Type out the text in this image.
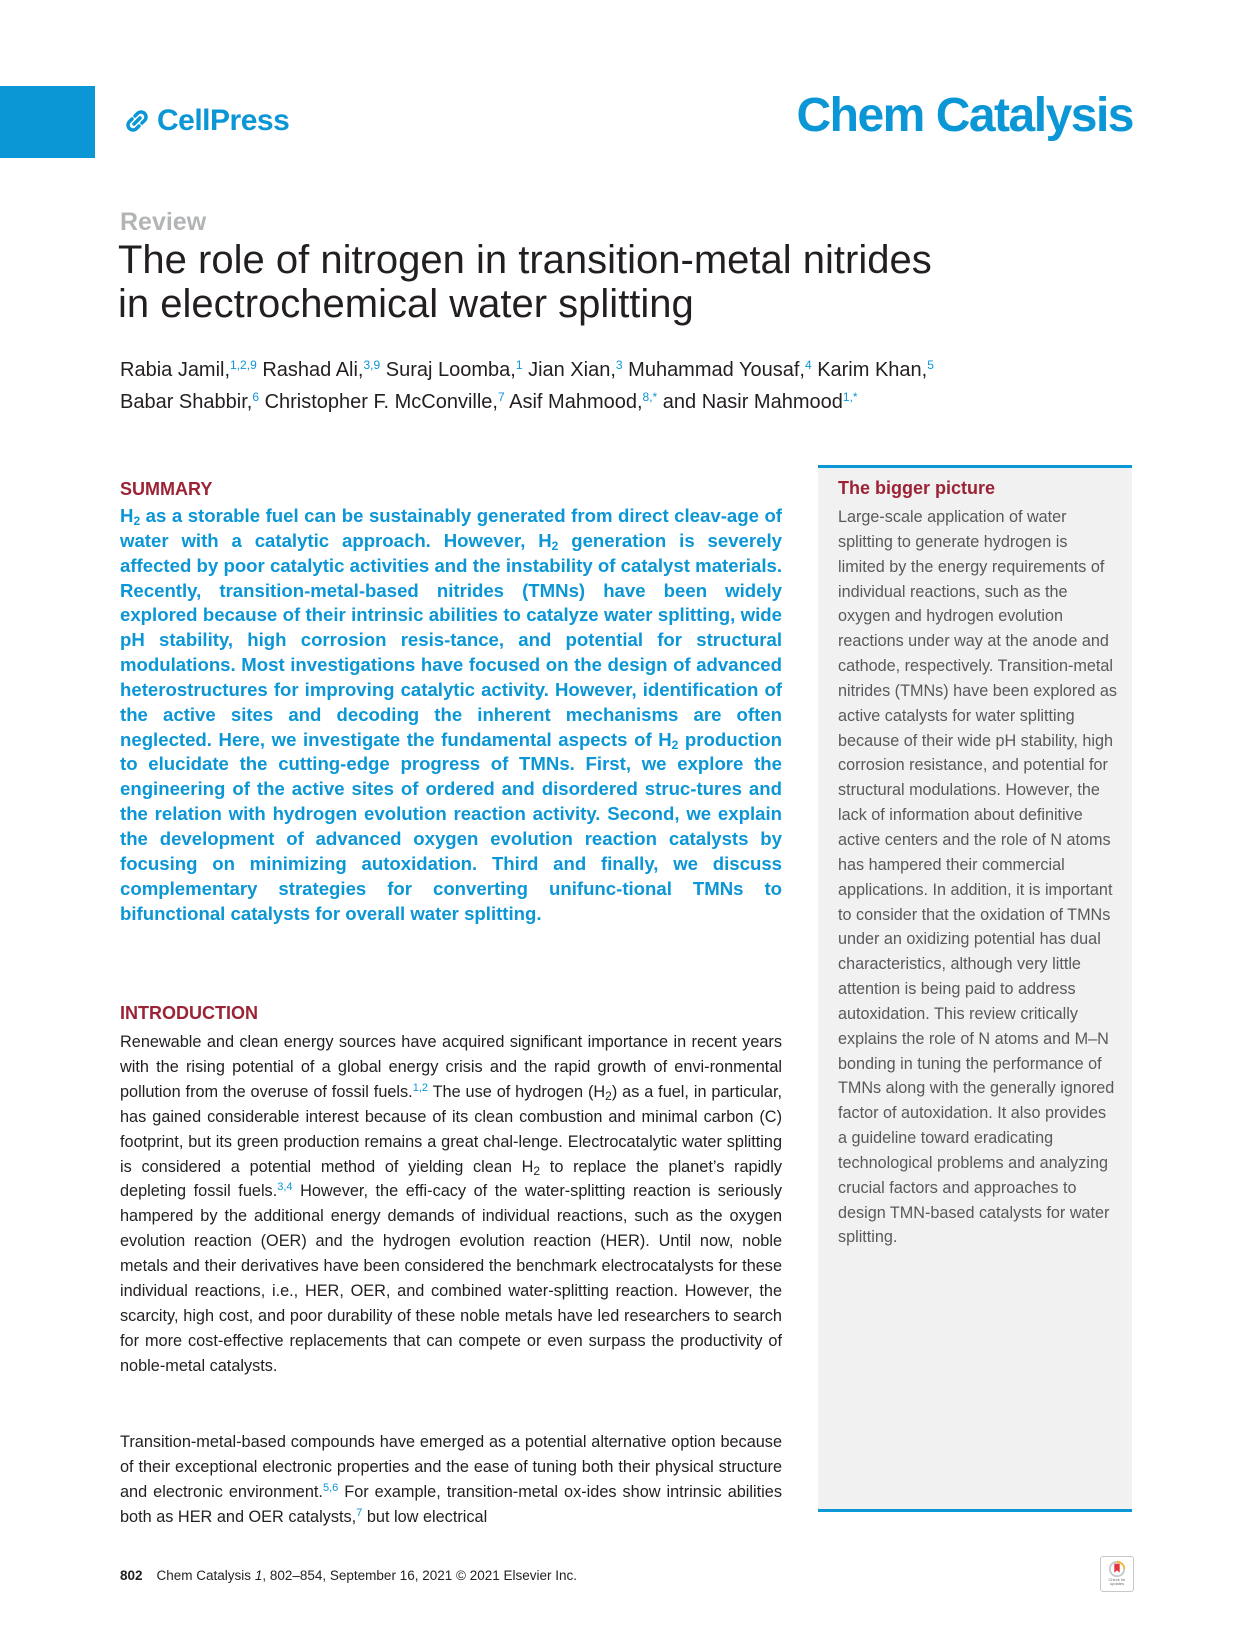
CellPress	Chem Catalysis
Review
The role of nitrogen in transition-metal nitrides
in electrochemical water splitting
Rabia Jamil,$^{1,2,9}$ Rashad Ali,$^{3,9}$ Suraj Loomba,$^1$ Jian Xian,$^3$ Muhammad Yousaf,$^4$ Karim Khan,$^5$
Babar Shabbir,$^6$ Christopher F. McConville,$^7$ Asif Mahmood,$^{8,*}$ and Nasir Mahmood$^{1,*}$
SUMMARY

$H_2$ as a storable fuel can be sustainably generated from direct cleav-age of water with a catalytic approach. However, $H_2$ generation is severely affected by poor catalytic activities and the instability of catalyst materials. Recently, transition-metal-based nitrides (TMNs) have been widely explored because of their intrinsic abilities to catalyze water splitting, wide pH stability, high corrosion resis-tance, and potential for structural modulations. Most investigations have focused on the design of advanced heterostructures for improving catalytic activity. However, identification of the active sites and decoding the inherent mechanisms are often neglected. Here, we investigate the fundamental aspects of $H_2$ production to elucidate the cutting-edge progress of TMNs. First, we explore the engineering of the active sites of ordered and disordered struc-tures and the relation with hydrogen evolution reaction activity. Second, we explain the development of advanced oxygen evolution reaction catalysts by focusing on minimizing autoxidation. Third and finally, we discuss complementary strategies for converting unifunc-tional TMNs to bifunctional catalysts for overall water splitting.

INTRODUCTION

Renewable and clean energy sources have acquired significant importance in recent years with the rising potential of a global energy crisis and the rapid growth of envi-ronmental pollution from the overuse of fossil fuels.$^{1,2}$ The use of hydrogen $(H_2)$ as a fuel, in particular, has gained considerable interest because of its clean combustion and minimal carbon (C) footprint, but its green production remains a great chal-lenge. Electrocatalytic water splitting is considered a potential method of yielding clean $H_2$ to replace the planet’s rapidly depleting fossil fuels.$^{3,4}$ However, the effi-cacy of the water-splitting reaction is seriously hampered by the additional energy demands of individual reactions, such as the oxygen evolution reaction (OER) and the hydrogen evolution reaction (HER). Until now, noble metals and their derivatives have been considered the benchmark electrocatalysts for these individual reactions, i.e., HER, OER, and combined water-splitting reaction. However, the scarcity, high cost, and poor durability of these noble metals have led researchers to search for more cost-effective replacements that can compete or even surpass the productivity of noble-metal catalysts.

Transition-metal-based compounds have emerged as a potential alternative option because of their exceptional electronic properties and the ease of tuning both their physical structure and electronic environment.$^{5,6}$ For example, transition-metal ox-ides show intrinsic abilities both as HER and OER catalysts,$^7$ but low electrical

The bigger picture

Large-scale application of water splitting to generate hydrogen is limited by the energy requirements of individual reactions, such as the oxygen and hydrogen evolution reactions under way at the anode and cathode, respectively. Transition-metal nitrides (TMNs) have been explored as active catalysts for water splitting because of their wide pH stability, high corrosion resistance, and potential for structural modulations. However, the lack of information about definitive active centers and the role of N atoms has hampered their commercial applications. In addition, it is important to consider that the oxidation of TMNs under an oxidizing potential has dual characteristics, although very little attention is being paid to address autoxidation. This review critically explains the role of N atoms and M–N bonding in tuning the performance of TMNs along with the generally ignored factor of autoxidation. It also provides a guideline toward eradicating technological problems and analyzing crucial factors and approaches to design TMN-based catalysts for water splitting.

802 Chem Catalysis 1, 802–854, September 16, 2021 © 2021 Elsevier Inc.	Check for updates
